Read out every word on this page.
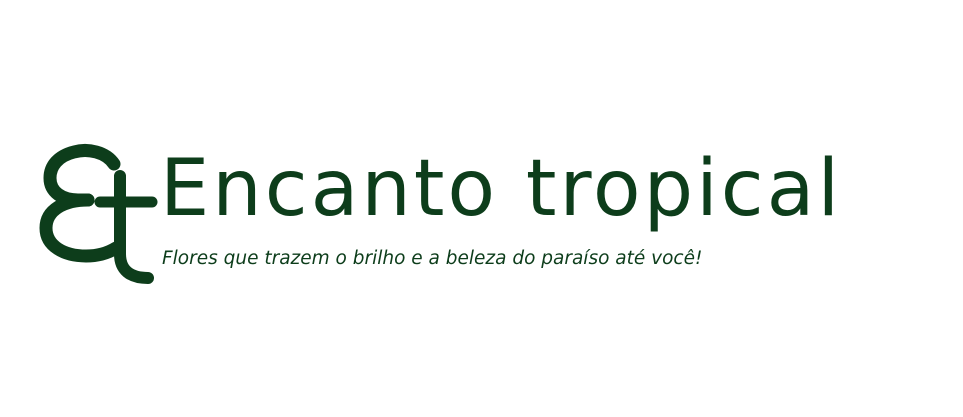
Encanto tropical

Flores que trazem o brilho e a beleza do paraíso até você!
